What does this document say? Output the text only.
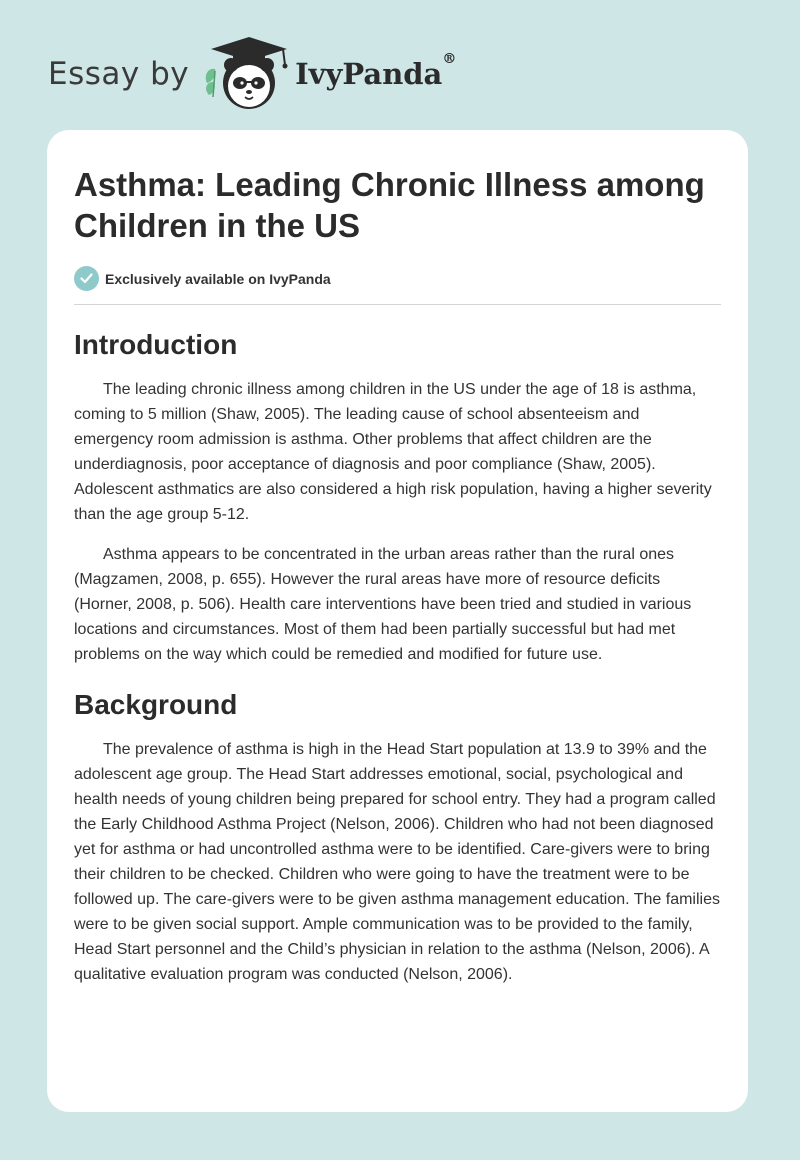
Essay by	IvyPanda®
Asthma: Leading Chronic Illness among Children in the US
Exclusively available on IvyPanda
Introduction

The leading chronic illness among children in the US under the age of 18 is asthma, coming to 5 million (Shaw, 2005). The leading cause of school absenteeism and emergency room admission is asthma. Other problems that affect children are the underdiagnosis, poor acceptance of diagnosis and poor compliance (Shaw, 2005). Adolescent asthmatics are also considered a high risk population, having a higher severity than the age group 5-12.

Asthma appears to be concentrated in the urban areas rather than the rural ones (Magzamen, 2008, p. 655). However the rural areas have more of resource deficits (Horner, 2008, p. 506). Health care interventions have been tried and studied in various locations and circumstances. Most of them had been partially successful but had met problems on the way which could be remedied and modified for future use.

Background

The prevalence of asthma is high in the Head Start population at 13.9 to 39% and the adolescent age group. The Head Start addresses emotional, social, psychological and health needs of young children being prepared for school entry. They had a program called the Early Childhood Asthma Project (Nelson, 2006). Children who had not been diagnosed yet for asthma or had uncontrolled asthma were to be identified. Care-givers were to bring their children to be checked. Children who were going to have the treatment were to be followed up. The care-givers were to be given asthma management education. The families were to be given social support. Ample communication was to be provided to the family, Head Start personnel and the Child’s physician in relation to the asthma (Nelson, 2006). A qualitative evaluation program was conducted (Nelson, 2006).
